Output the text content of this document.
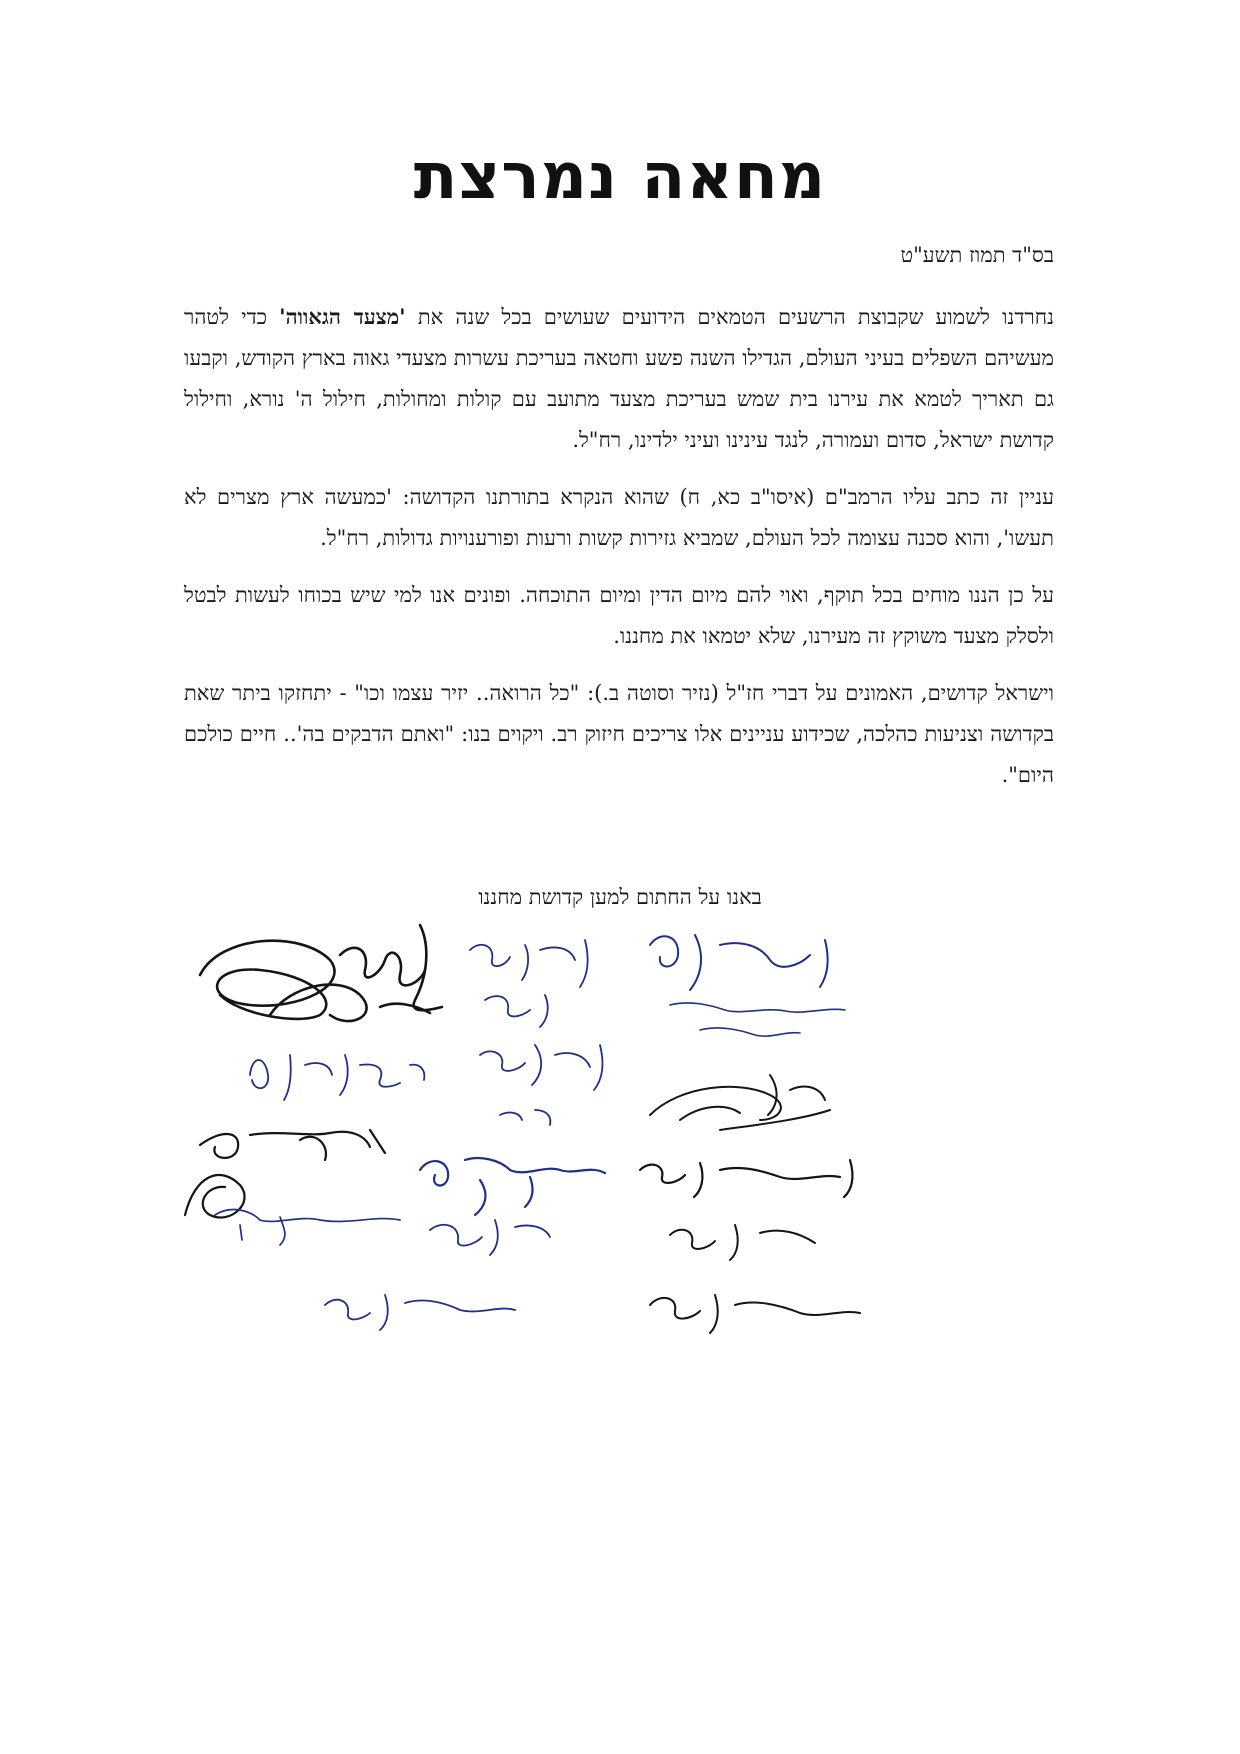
מחאה נמרצת
בס"ד תמוז תשע"ט

נחרדנו לשמוע שקבוצת הרשעים הטמאים הידועים שעושים בכל שנה את 'מצעד הגאווה' כדי לטהר מעשיהם השפלים בעיני העולם, הגדילו השנה פשע וחטאה בעריכת עשרות מצעדי גאוה בארץ הקודש, וקבעו גם תאריך לטמא את עירנו בית שמש בעריכת מצעד מתועב עם קולות ומחולות, חילול ה' נורא, וחילול קדושת ישראל, סדום ועמורה, לנגד עינינו ועיני ילדינו, רח"ל.

עניין זה כתב עליו הרמב"ם (איסו"ב כא, ח) שהוא הנקרא בתורתנו הקדושה: 'כמעשה ארץ מצרים לא תעשו', והוא סכנה עצומה לכל העולם, שמביא גזירות קשות ורעות ופורענויות גדולות, רח"ל.

על כן הננו מוחים בכל תוקף, ואוי להם מיום הדין ומיום התוכחה. ופונים אנו למי שיש בכוחו לעשות לבטל ולסלק מצעד משוקץ זה מעירנו, שלא יטמאו את מחננו.

וישראל קדושים, האמונים על דברי חז"ל (נזיר וסוטה ב.): "כל הרואה.. יזיר עצמו וכו" - יתחזקו ביתר שאת בקדושה וצניעות כהלכה, שכידוע עניינים אלו צריכים חיזוק רב. ויקוים בנו: "ואתם הדבקים בה'.. חיים כולכם היום".

באנו על החתום למען קדושת מחננו
